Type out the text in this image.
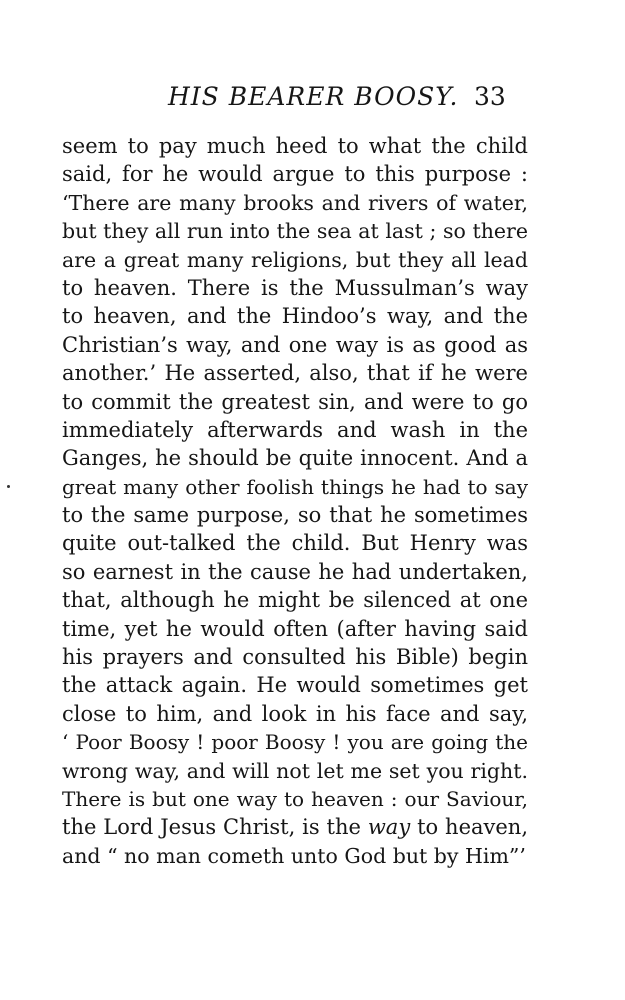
HIS BEARER BOOSY. 33
seem to pay much heed to what the child
said, for he would argue to this purpose :
‘There are many brooks and rivers of water,
but they all run into the sea at last ; so there
are a great many religions, but they all lead
to heaven. There is the Mussulman’s way
to heaven, and the Hindoo’s way, and the
Christian’s way, and one way is as good as
another.’ He asserted, also, that if he were
to commit the greatest sin, and were to go
immediately afterwards and wash in the
Ganges, he should be quite innocent. And a
great many other foolish things he had to say
to the same purpose, so that he sometimes
quite out-talked the child. But Henry was
so earnest in the cause he had undertaken,
that, although he might be silenced at one
time, yet he would often (after having said
his prayers and consulted his Bible) begin
the attack again. He would sometimes get
close to him, and look in his face and say,
‘ Poor Boosy ! poor Boosy ! you are going the
wrong way, and will not let me set you right.
There is but one way to heaven : our Saviour,
the Lord Jesus Christ, is the way to heaven,
and “ no man cometh unto God but by Him”’
